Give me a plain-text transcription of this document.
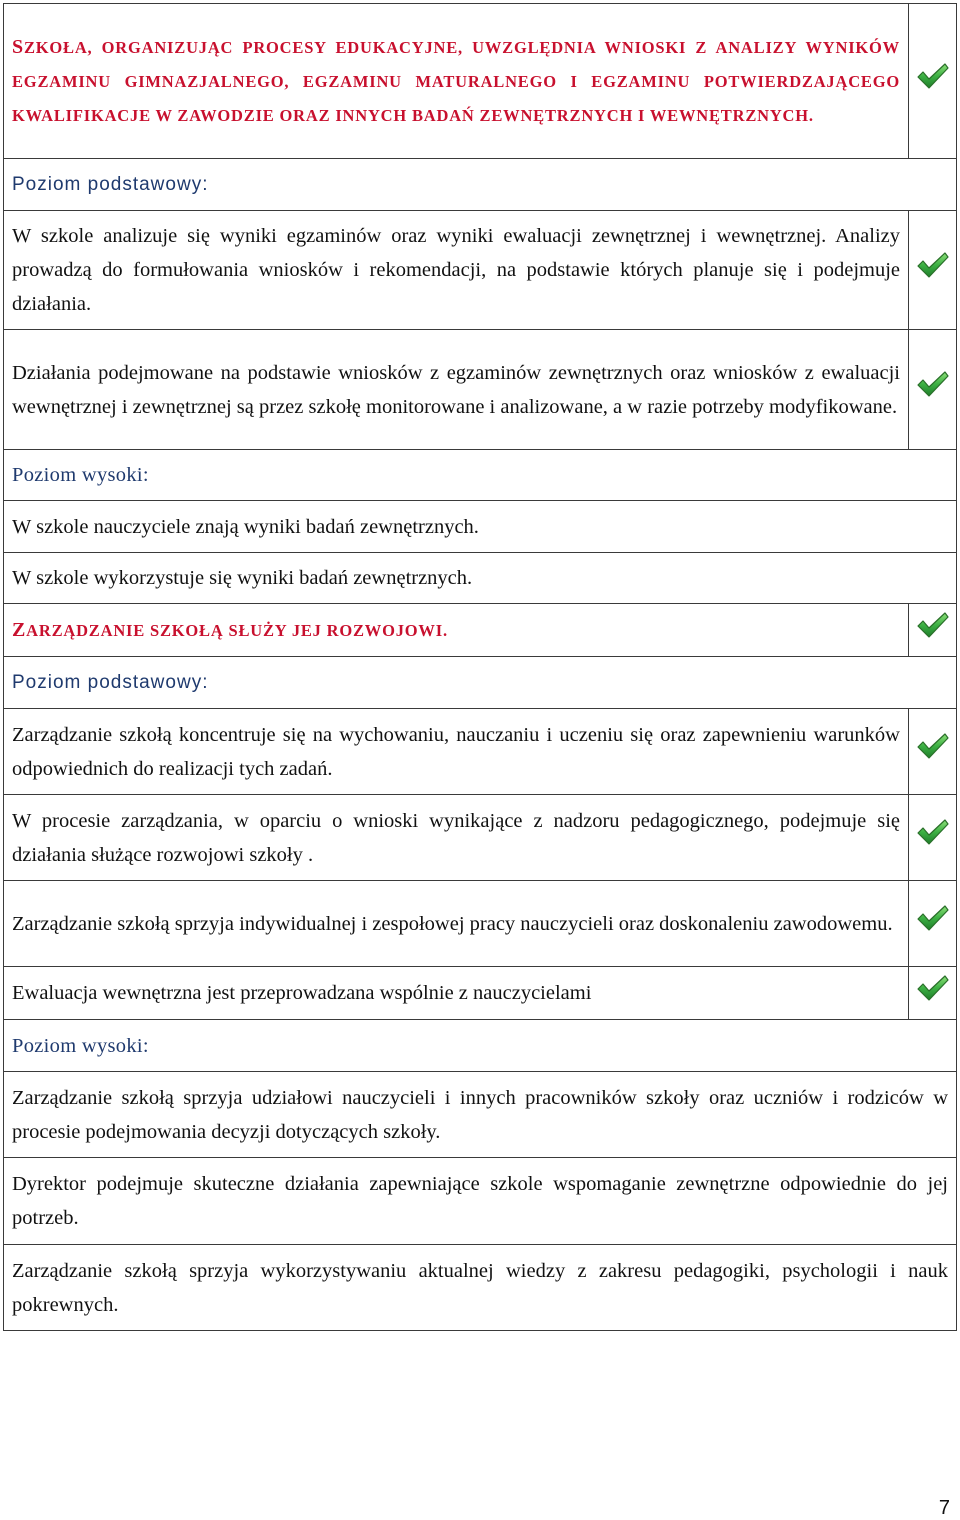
SZKOŁA, ORGANIZUJĄC PROCESY EDUKACYJNE, UWZGLĘDNIA WNIOSKI Z ANALIZY WYNIKÓW EGZAMINU GIMNAZJALNEGO, EGZAMINU MATURALNEGO I EGZAMINU POTWIERDZAJĄCEGO KWALIFIKACJE W ZAWODZIE ORAZ INNYCH BADAŃ ZEWNĘTRZNYCH I WEWNĘTRZNYCH.

Poziom podstawowy:	
W szkole analizuje się wyniki egzaminów oraz wyniki ewaluacji zewnętrznej i wewnętrznej. Analizy prowadzą do formułowania wniosków i rekomendacji, na podstawie których planuje się i podejmuje działania.	
Działania podejmowane na podstawie wniosków z egzaminów zewnętrznych oraz wniosków z ewaluacji wewnętrznej i zewnętrznej są przez szkołę monitorowane i analizowane, a w razie potrzeby modyfikowane.	
Poziom wysoki:	
W szkole nauczyciele znają wyniki badań zewnętrznych.	
W szkole wykorzystuje się wyniki badań zewnętrznych.	

ZARZĄDZANIE SZKOŁĄ SŁUŻY JEJ ROZWOJOWI.

Poziom podstawowy:	
Zarządzanie szkołą koncentruje się na wychowaniu, nauczaniu i uczeniu się oraz zapewnieniu warunków odpowiednich do realizacji tych zadań.	
W procesie zarządzania, w oparciu o wnioski wynikające z nadzoru pedagogicznego, podejmuje się działania służące rozwojowi szkoły .	
Zarządzanie szkołą sprzyja indywidualnej i zespołowej pracy nauczycieli oraz doskonaleniu zawodowemu.	
Ewaluacja wewnętrzna jest przeprowadzana wspólnie z nauczycielami	
Poziom wysoki:	
Zarządzanie szkołą sprzyja udziałowi nauczycieli i innych pracowników szkoły oraz uczniów i rodziców w procesie podejmowania decyzji dotyczących szkoły.	
Dyrektor podejmuje skuteczne działania zapewniające szkole wspomaganie zewnętrzne odpowiednie do jej potrzeb.	
Zarządzanie szkołą sprzyja wykorzystywaniu aktualnej wiedzy z zakresu pedagogiki, psychologii i nauk pokrewnych.	
7
